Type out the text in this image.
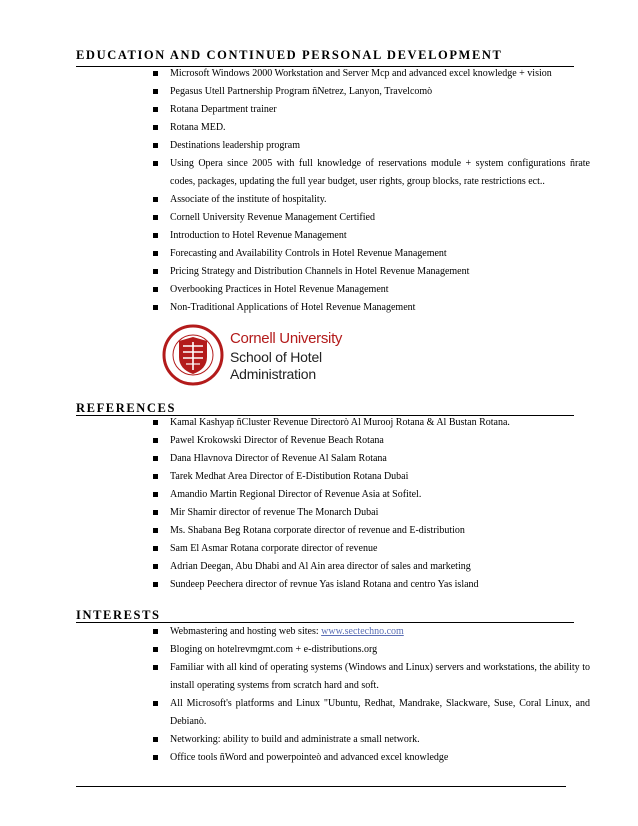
EDUCATION AND CONTINUED PERSONAL DEVELOPMENT
Microsoft Windows 2000 Workstation and Server Mcp and advanced excel knowledge + vision
Pegasus Utell Partnership Program ñNetrez, Lanyon, Travelcomò
Rotana Department trainer
Rotana MED.
Destinations leadership program
Using Opera since 2005 with full knowledge of reservations module + system configurations ñrate codes, packages, updating the full year budget, user rights, group blocks, rate restrictions ect..
Associate of the institute of hospitality.
Cornell University Revenue Management Certified
Introduction to Hotel Revenue Management
Forecasting and Availability Controls in Hotel Revenue Management
Pricing Strategy and Distribution Channels in Hotel Revenue Management
Overbooking Practices in Hotel Revenue Management
Non-Traditional Applications of Hotel Revenue Management
Cornell University
School of Hotel
Administration
REFERENCES
Kamal Kashyap ñCluster Revenue Directorò Al Murooj Rotana & Al Bustan Rotana.
Pawel Krokowski Director of Revenue Beach Rotana
Dana Hlavnova Director of Revenue Al Salam Rotana
Tarek Medhat Area Director of E-Distibution Rotana Dubai
Amandio Martin Regional Director of Revenue Asia at Sofitel.
Mir Shamir director of revenue The Monarch Dubai
Ms. Shabana Beg Rotana corporate director of revenue and E-distribution
Sam El Asmar Rotana corporate director of revenue
Adrian Deegan, Abu Dhabi and Al Ain area director of sales and marketing
Sundeep Peechera director of revnue Yas island Rotana and centro Yas island
INTERESTS
Webmastering and hosting web sites: www.sectechno.com
Bloging on hotelrevmgmt.com + e-distributions.org
Familiar with all kind of operating systems (Windows and Linux) servers and workstations, the ability to install operating systems from scratch hard and soft.
All Microsoft's platforms and Linux "Ubuntu, Redhat, Mandrake, Slackware, Suse, Coral Linux, and Debianò.
Networking: ability to build and administrate a small network.
Office tools ñWord and powerpointeò and advanced excel knowledge
